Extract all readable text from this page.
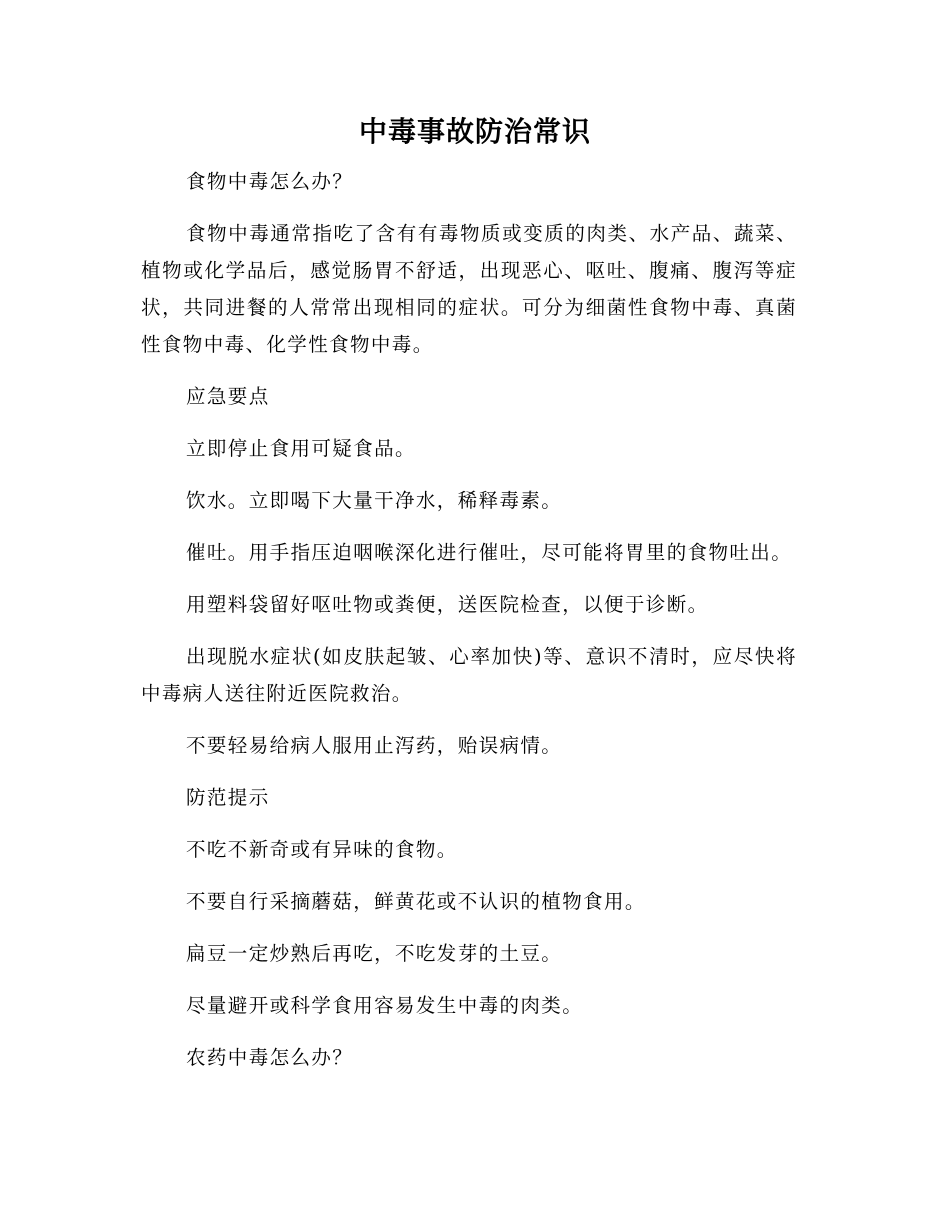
中毒事故防治常识

食物中毒怎么办？

食物中毒通常指吃了含有有毒物质或变质的肉类、水产品、蔬菜、植物或化学品后，感觉肠胃不舒适，出现恶心、呕吐、腹痛、腹泻等症状，共同进餐的人常常出现相同的症状。可分为细菌性食物中毒、真菌性食物中毒、化学性食物中毒。

应急要点

立即停止食用可疑食品。

饮水。立即喝下大量干净水，稀释毒素。

催吐。用手指压迫咽喉深化进行催吐，尽可能将胃里的食物吐出。

用塑料袋留好呕吐物或粪便，送医院检查，以便于诊断。

出现脱水症状(如皮肤起皱、心率加快)等、意识不清时，应尽快将中毒病人送往附近医院救治。

不要轻易给病人服用止泻药，贻误病情。

防范提示

不吃不新奇或有异味的食物。

不要自行采摘蘑菇，鲜黄花或不认识的植物食用。

扁豆一定炒熟后再吃，不吃发芽的土豆。

尽量避开或科学食用容易发生中毒的肉类。

农药中毒怎么办？
